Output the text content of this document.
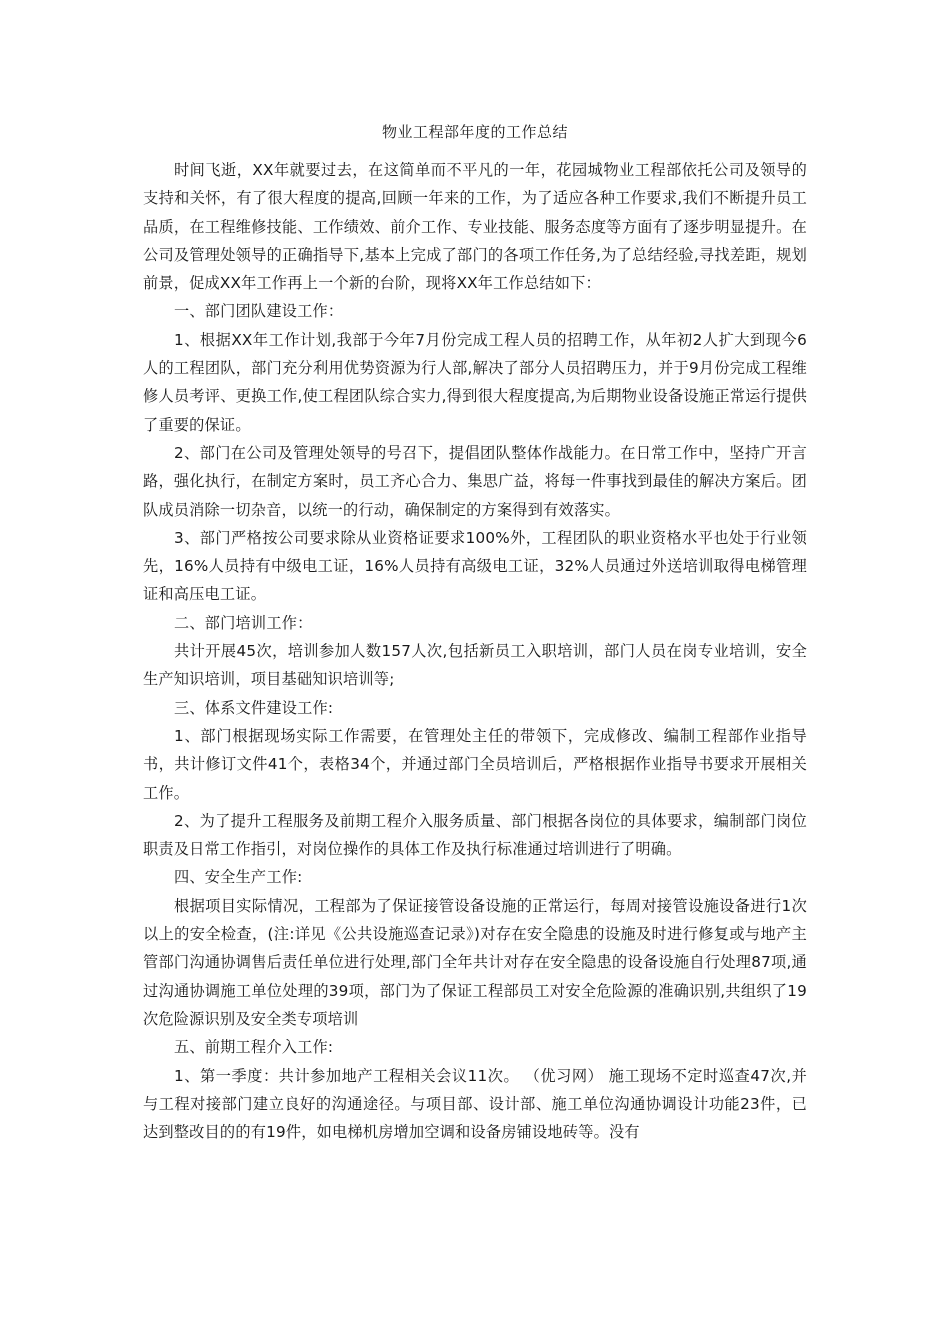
物业工程部年度的工作总结

时间飞逝，XX年就要过去，在这简单而不平凡的一年，花园城物业工程部依托公司及领导的支持和关怀，有了很大程度的提高,回顾一年来的工作，为了适应各种工作要求,我们不断提升员工品质，在工程维修技能、工作绩效、前介工作、专业技能、服务态度等方面有了逐步明显提升。在公司及管理处领导的正确指导下,基本上完成了部门的各项工作任务,为了总结经验,寻找差距，规划前景，促成XX年工作再上一个新的台阶，现将XX年工作总结如下：

一、部门团队建设工作：

1、根据XX年工作计划,我部于今年7月份完成工程人员的招聘工作，从年初2人扩大到现今6人的工程团队，部门充分利用优势资源为行人部,解决了部分人员招聘压力，并于9月份完成工程维修人员考评、更换工作,使工程团队综合实力,得到很大程度提高,为后期物业设备设施正常运行提供了重要的保证。

2、部门在公司及管理处领导的号召下，提倡团队整体作战能力。在日常工作中，坚持广开言路，强化执行，在制定方案时，员工齐心合力、集思广益，将每一件事找到最佳的解决方案后。团队成员消除一切杂音，以统一的行动，确保制定的方案得到有效落实。

3、部门严格按公司要求除从业资格证要求100%外，工程团队的职业资格水平也处于行业领先，16%人员持有中级电工证，16%人员持有高级电工证，32%人员通过外送培训取得电梯管理证和高压电工证。

二、部门培训工作：

共计开展45次，培训参加人数157人次,包括新员工入职培训，部门人员在岗专业培训，安全生产知识培训，项目基础知识培训等;

三、体系文件建设工作:

1、部门根据现场实际工作需要，在管理处主任的带领下，完成修改、编制工程部作业指导书，共计修订文件41个，表格34个，并通过部门全员培训后，严格根据作业指导书要求开展相关工作。

2、为了提升工程服务及前期工程介入服务质量、部门根据各岗位的具体要求，编制部门岗位职责及日常工作指引，对岗位操作的具体工作及执行标准通过培训进行了明确。

四、安全生产工作:

根据项目实际情况，工程部为了保证接管设备设施的正常运行，每周对接管设施设备进行1次以上的安全检查，(注:详见《公共设施巡查记录》)对存在安全隐患的设施及时进行修复或与地产主管部门沟通协调售后责任单位进行处理,部门全年共计对存在安全隐患的设备设施自行处理87项,通过沟通协调施工单位处理的39项，部门为了保证工程部员工对安全危险源的准确识别,共组织了19次危险源识别及安全类专项培训

五、前期工程介入工作:

1、第一季度：共计参加地产工程相关会议11次。 （优习网） 施工现场不定时巡查47次,并与工程对接部门建立良好的沟通途径。与项目部、设计部、施工单位沟通协调设计功能23件，已达到整改目的的有19件，如电梯机房增加空调和设备房铺设地砖等。没有
